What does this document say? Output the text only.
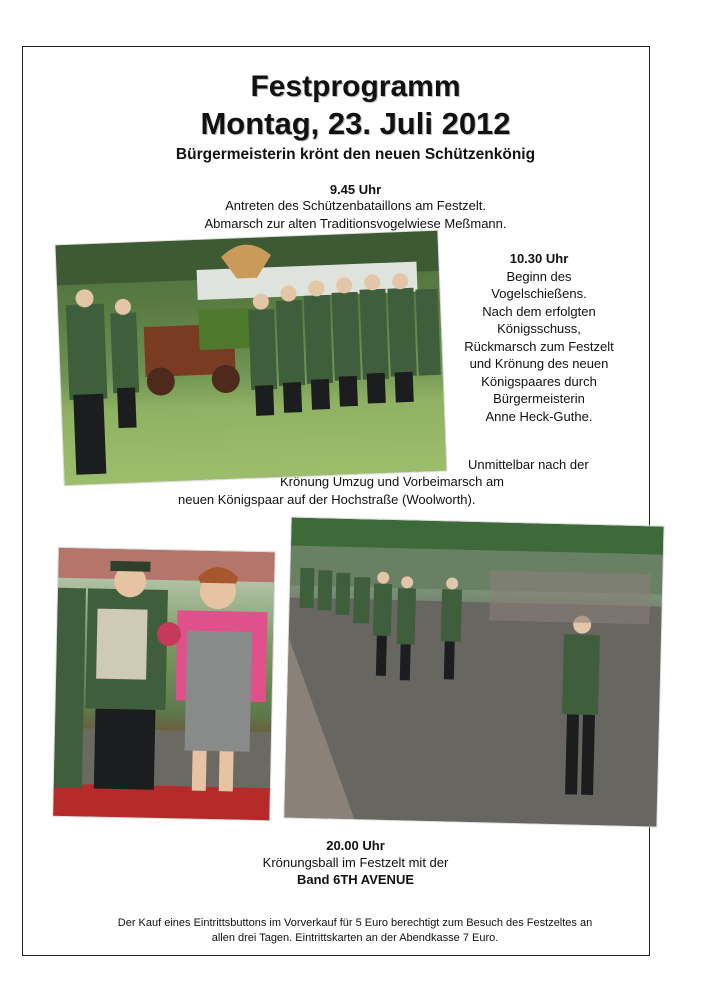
Festprogramm
Montag, 23. Juli 2012
Bürgermeisterin krönt den neuen Schützenkönig
9.45 Uhr
Antreten des Schützenbataillons am Festzelt.
Abmarsch zur alten Traditionsvogelwiese Meßmann.
10.30 Uhr
Beginn des
Vogelschießens.
Nach dem erfolgten
Königsschuss,
Rückmarsch zum Festzelt
und Krönung des neuen
Königspaares durch
Bürgermeisterin
Anne Heck-Guthe.
Unmittelbar nach der
Krönung Umzug und Vorbeimarsch am
neuen Königspaar auf der Hochstraße (Woolworth).
20.00 Uhr
Krönungsball im Festzelt mit der
Band 6TH AVENUE
Der Kauf eines Eintrittsbuttons im Vorverkauf für 5 Euro berechtigt zum Besuch des Festzeltes an
allen drei Tagen. Eintrittskarten an der Abendkasse 7 Euro.
